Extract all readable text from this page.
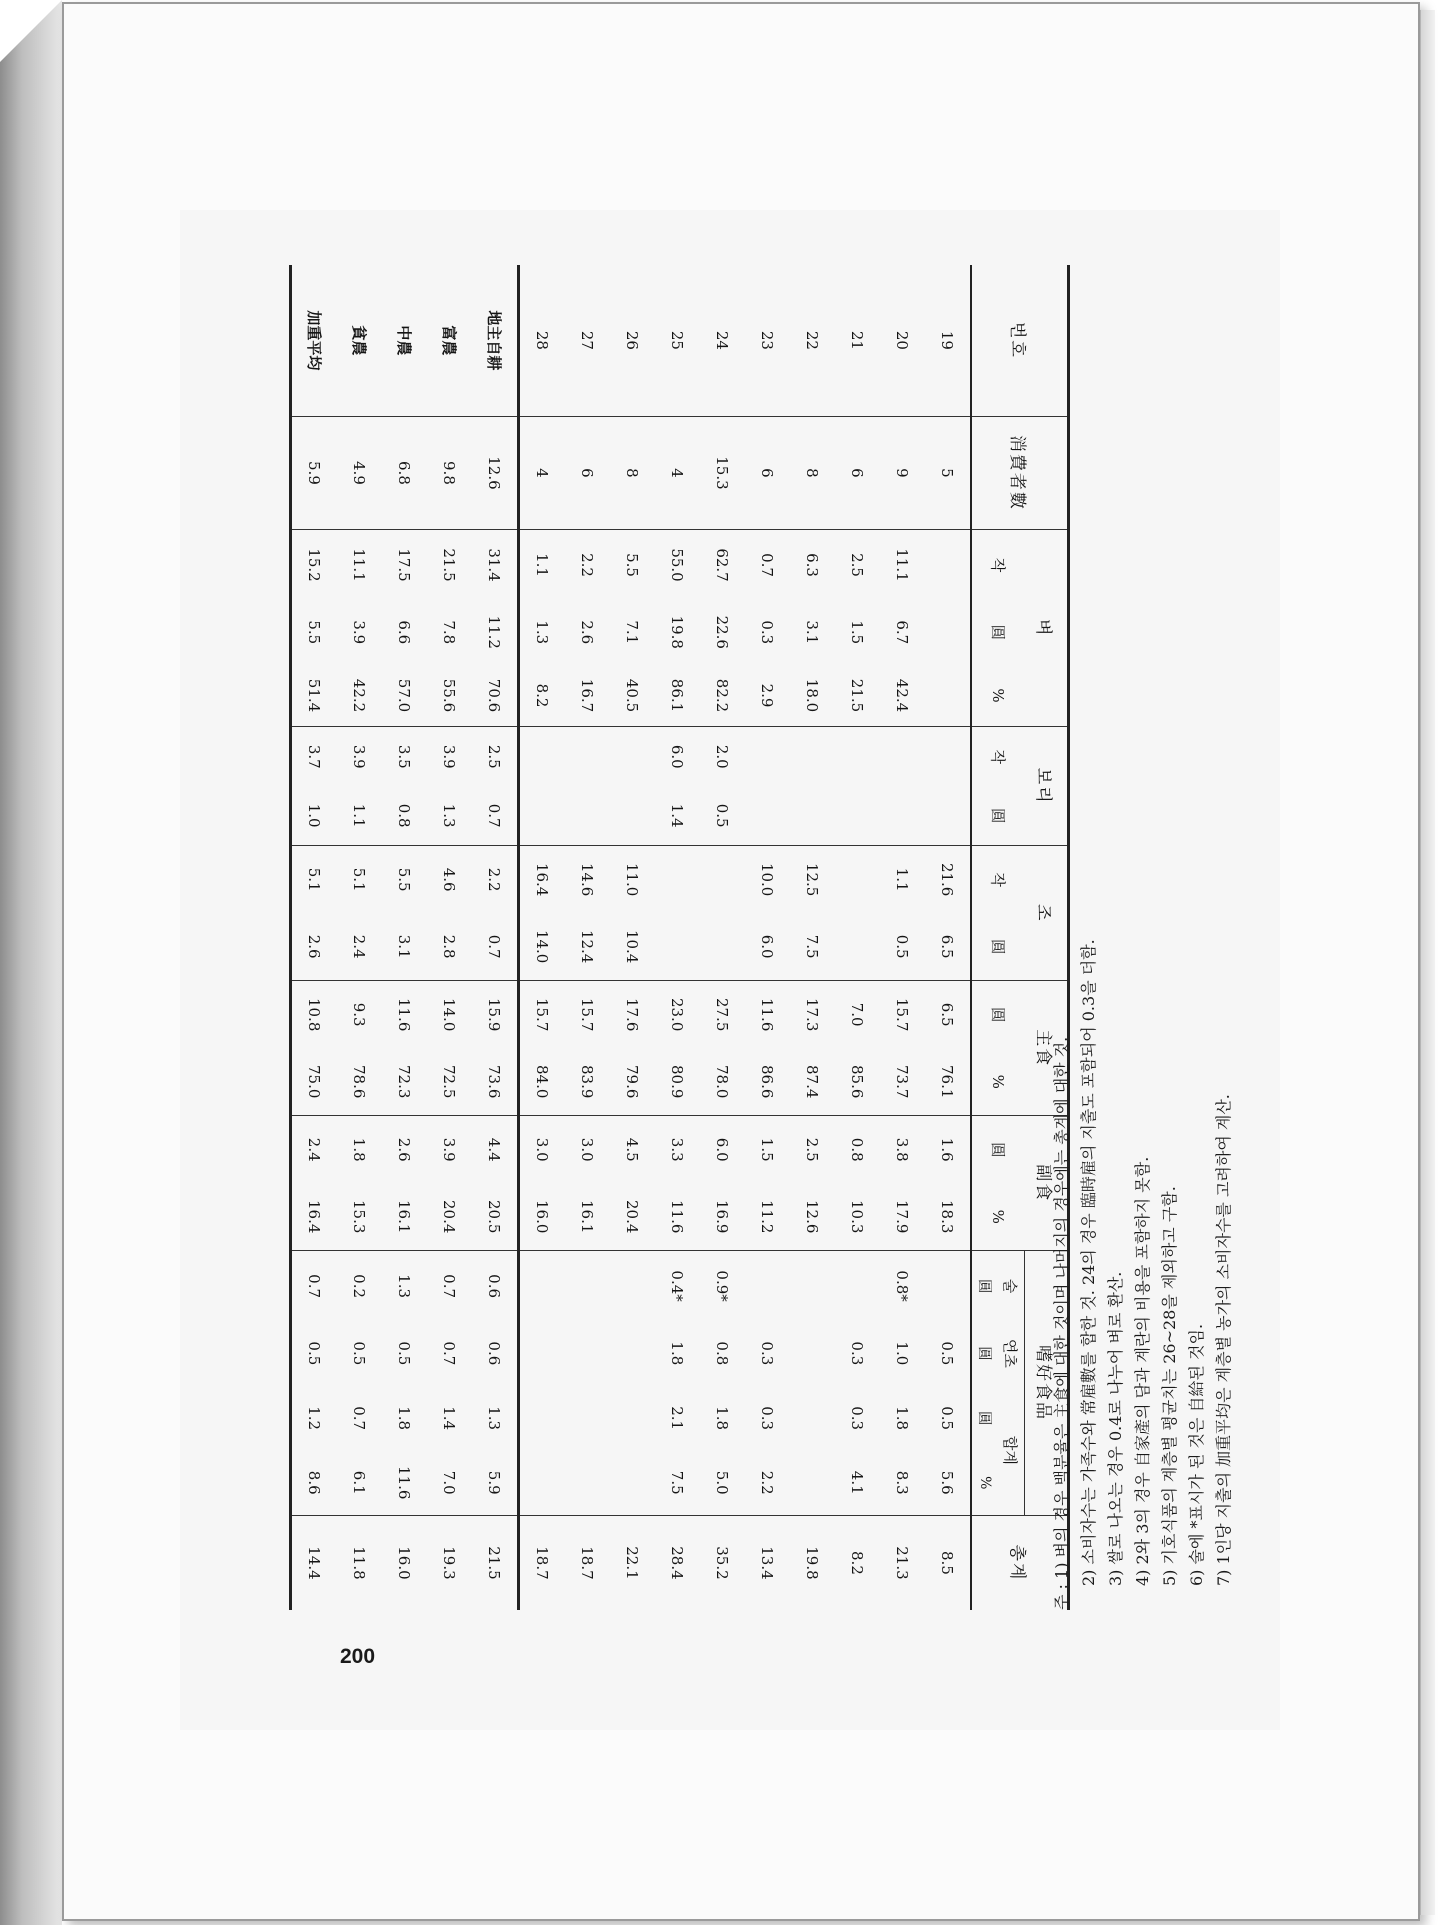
200
번호	消費者數	벼			보리		조		主食		副食		嗜好食品				총계
		작	圓	%	작	圓	작	圓	圓	%	圓	%	술	연초	합계		
													圓	圓	圓	%	
19	5						21.6	6.5	6.5	76.1	1.6	18.3		0.5	0.5	5.6	8.5
20	9	11.1	6.7	42.4			1.1	0.5	15.7	73.7	3.8	17.9	0.8*	1.0	1.8	8.3	21.3
21	6	2.5	1.5	21.5					7.0	85.6	0.8	10.3		0.3	0.3	4.1	8.2
22	8	6.3	3.1	18.0			12.5	7.5	17.3	87.4	2.5	12.6					19.8
23	6	0.7	0.3	2.9			10.0	6.0	11.6	86.6	1.5	11.2		0.3	0.3	2.2	13.4
24	15.3	62.7	22.6	82.2	2.0	0.5			27.5	78.0	6.0	16.9	0.9*	0.8	1.8	5.0	35.2
25	4	55.0	19.8	86.1	6.0	1.4			23.0	80.9	3.3	11.6	0.4*	1.8	2.1	7.5	28.4
26	8	5.5	7.1	40.5			11.0	10.4	17.6	79.6	4.5	20.4					22.1
27	6	2.2	2.6	16.7			14.6	12.4	15.7	83.9	3.0	16.1					18.7
28	4	1.1	1.3	8.2			16.4	14.0	15.7	84.0	3.0	16.0					18.7
地主自耕	12.6	31.4	11.2	70.6	2.5	0.7	2.2	0.7	15.9	73.6	4.4	20.5	0.6	0.6	1.3	5.9	21.5
富農	9.8	21.5	7.8	55.6	3.9	1.3	4.6	2.8	14.0	72.5	3.9	20.4	0.7	0.7	1.4	7.0	19.3
中農	6.8	17.5	6.6	57.0	3.5	0.8	5.5	3.1	11.6	72.3	2.6	16.1	1.3	0.5	1.8	11.6	16.0
貧農	4.9	11.1	3.9	42.2	3.9	1.1	5.1	2.4	9.3	78.6	1.8	15.3	0.2	0.5	0.7	6.1	11.8
加重平均	5.9	15.2	5.5	51.4	3.7	1.0	5.1	2.6	10.8	75.0	2.4	16.4	0.7	0.5	1.2	8.6	14.4	주 : 1) 벼의 경우 백분율은 主食에 대한 것이며 나머지의 경우에는 총계에 대한 것. 2) 소비자수는 가족수와 常雇數를 합한 것. 24의 경우 臨時雇의 지출도 포함되어 0.3을 더함. 3) 쌀로 나오는 경우 0.4로 나누어 벼로 환산. 4) 2와 3의 경우 自家產의 담과 계란의 비용을 포함하지 못함. 5) 기호식품의 계층별 평균치는 26~28을 제외하고 구함. 6) 술에 *표시가 된 것은 自給된 것임. 7) 1인당 지출의 加重平均은 계층별 농가의 소비자수를 고려하여 계산.
